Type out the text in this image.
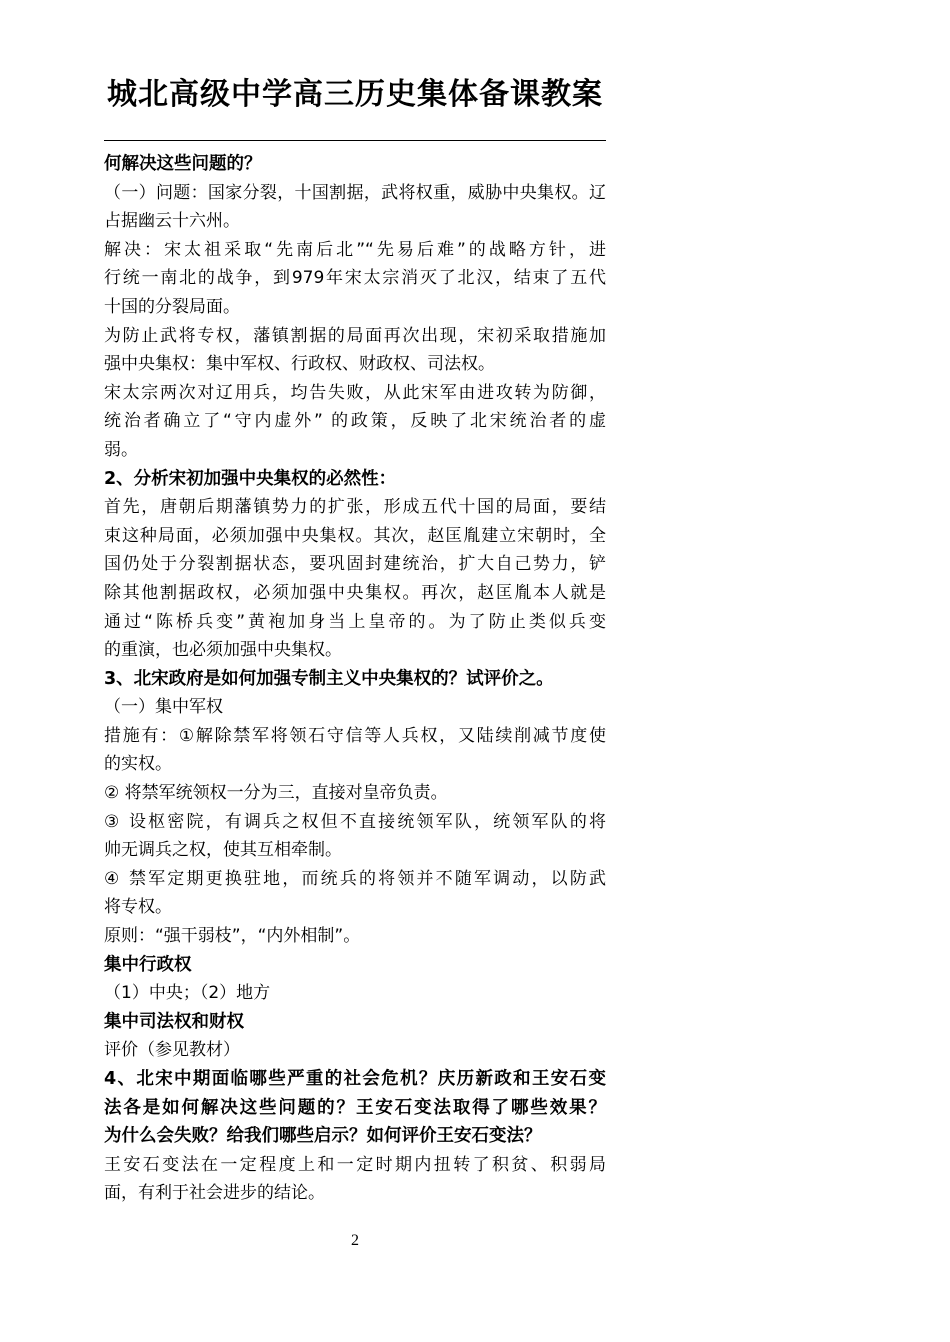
城北高级中学高三历史集体备课教案
何解决这些问题的？
（一）问题：国家分裂，十国割据，武将权重，威胁中央集权。辽
占据幽云十六州。
解决：宋太祖采取“先南后北”“先易后难”的战略方针，进
行统一南北的战争，到979年宋太宗消灭了北汉，结束了五代
十国的分裂局面。
为防止武将专权，藩镇割据的局面再次出现，宋初采取措施加
强中央集权：集中军权、行政权、财政权、司法权。
宋太宗两次对辽用兵，均告失败，从此宋军由进攻转为防御，
统治者确立了“守内虚外” 的政策，反映了北宋统治者的虚
弱。
2、分析宋初加强中央集权的必然性：
首先，唐朝后期藩镇势力的扩张，形成五代十国的局面，要结
束这种局面，必须加强中央集权。其次，赵匡胤建立宋朝时，全
国仍处于分裂割据状态，要巩固封建统治，扩大自己势力，铲
除其他割据政权，必须加强中央集权。再次，赵匡胤本人就是
通过“陈桥兵变”黄袍加身当上皇帝的。为了防止类似兵变
的重演，也必须加强中央集权。
3、北宋政府是如何加强专制主义中央集权的？试评价之。
（一）集中军权
措施有：①解除禁军将领石守信等人兵权，又陆续削减节度使
的实权。
② 将禁军统领权一分为三，直接对皇帝负责。
③ 设枢密院，有调兵之权但不直接统领军队，统领军队的将
帅无调兵之权，使其互相牵制。
④ 禁军定期更换驻地，而统兵的将领并不随军调动，以防武
将专权。
原则：“强干弱枝”，“内外相制”。
集中行政权
（1）中央；（2）地方
集中司法权和财权
评价（参见教材）
4、北宋中期面临哪些严重的社会危机？庆历新政和王安石变
法各是如何解决这些问题的？王安石变法取得了哪些效果？
为什么会失败？给我们哪些启示？如何评价王安石变法？
王安石变法在一定程度上和一定时期内扭转了积贫、积弱局
面，有利于社会进步的结论。
2
